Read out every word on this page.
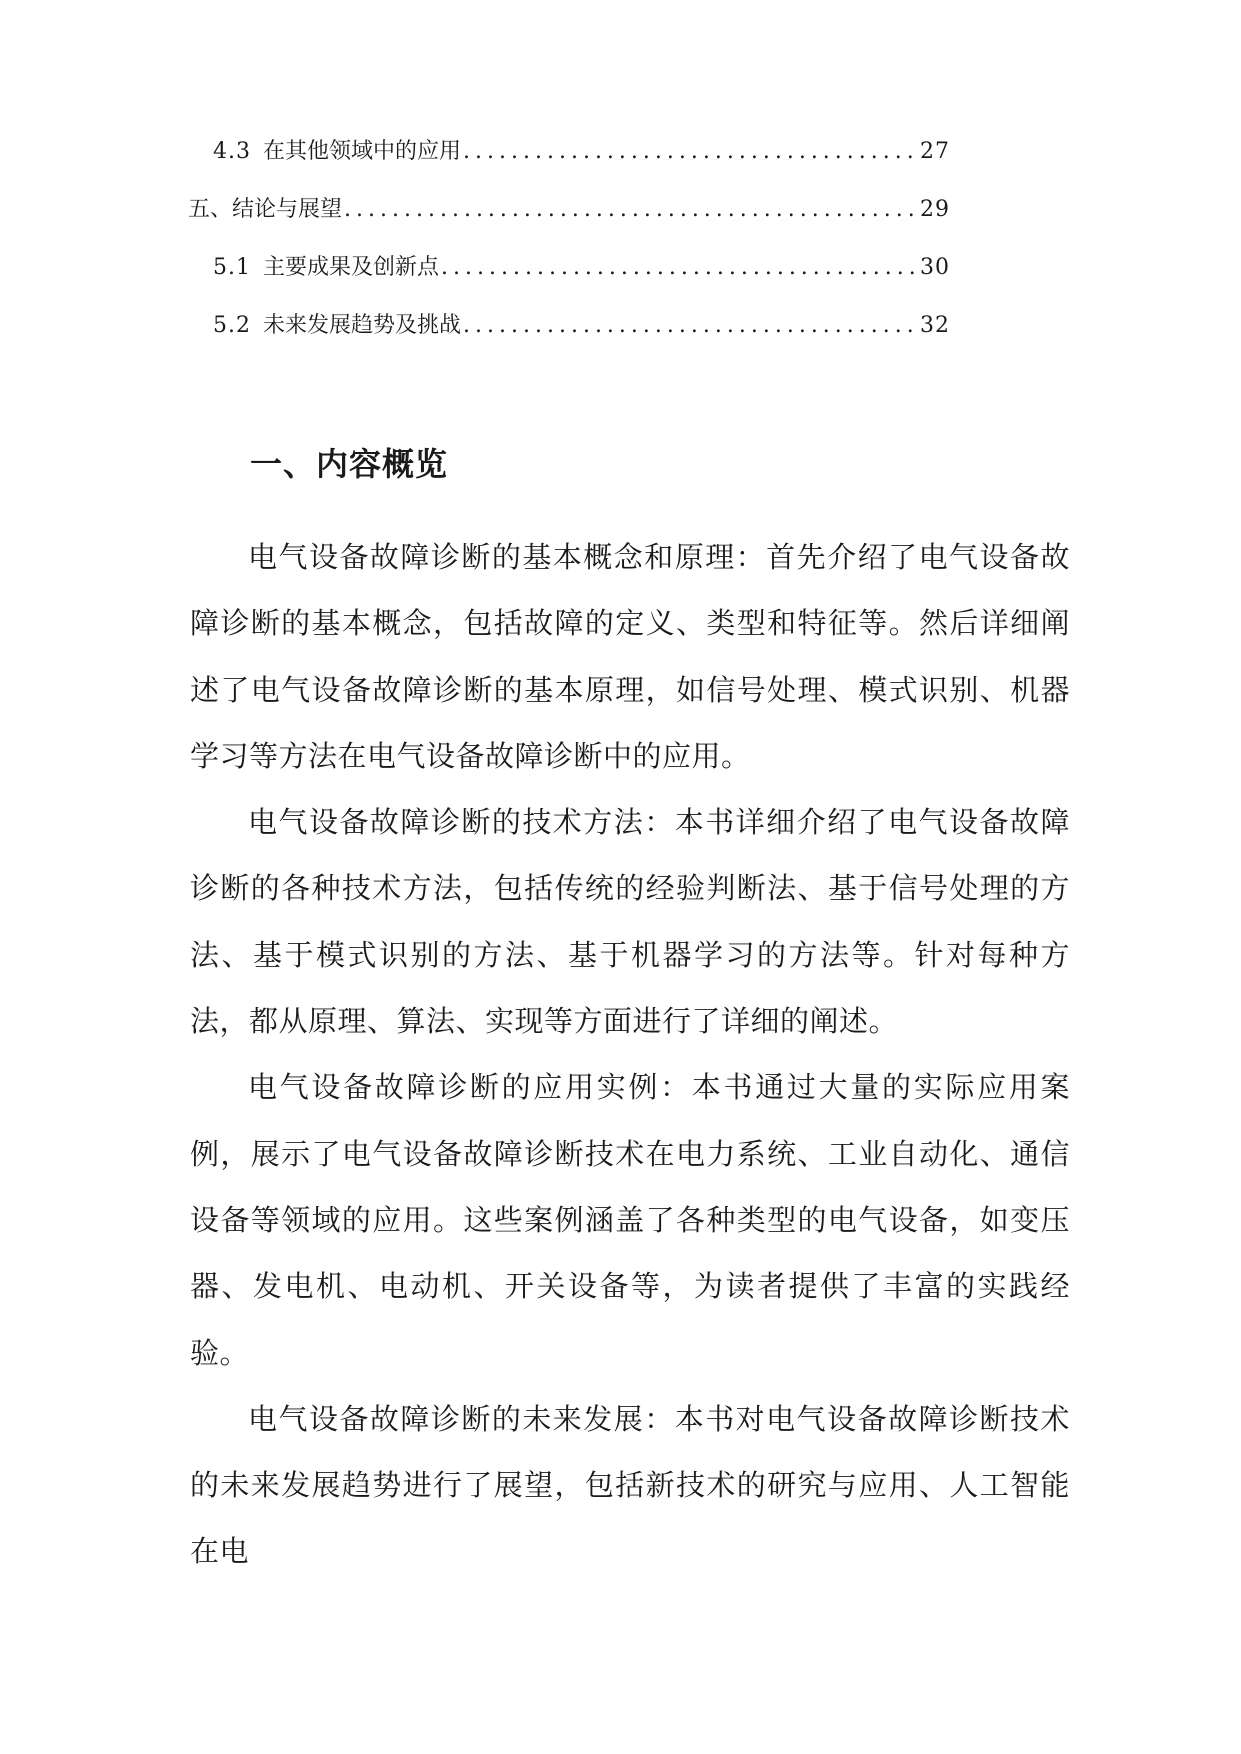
4.3 在其他领域中的应用 .....	27
五、结论与展望 .....	29
5.1 主要成果及创新点 .....	30
5.2 未来发展趋势及挑战 .....	32
一、内容概览

电气设备故障诊断的基本概念和原理：首先介绍了电气设备故障诊断的基本概念，包括故障的定义、类型和特征等。然后详细阐述了电气设备故障诊断的基本原理，如信号处理、模式识别、机器学习等方法在电气设备故障诊断中的应用。

电气设备故障诊断的技术方法：本书详细介绍了电气设备故障诊断的各种技术方法，包括传统的经验判断法、基于信号处理的方法、基于模式识别的方法、基于机器学习的方法等。针对每种方法，都从原理、算法、实现等方面进行了详细的阐述。

电气设备故障诊断的应用实例：本书通过大量的实际应用案例，展示了电气设备故障诊断技术在电力系统、工业自动化、通信设备等领域的应用。这些案例涵盖了各种类型的电气设备，如变压器、发电机、电动机、开关设备等，为读者提供了丰富的实践经验。

电气设备故障诊断的未来发展：本书对电气设备故障诊断技术的未来发展趋势进行了展望，包括新技术的研究与应用、人工智能在电
